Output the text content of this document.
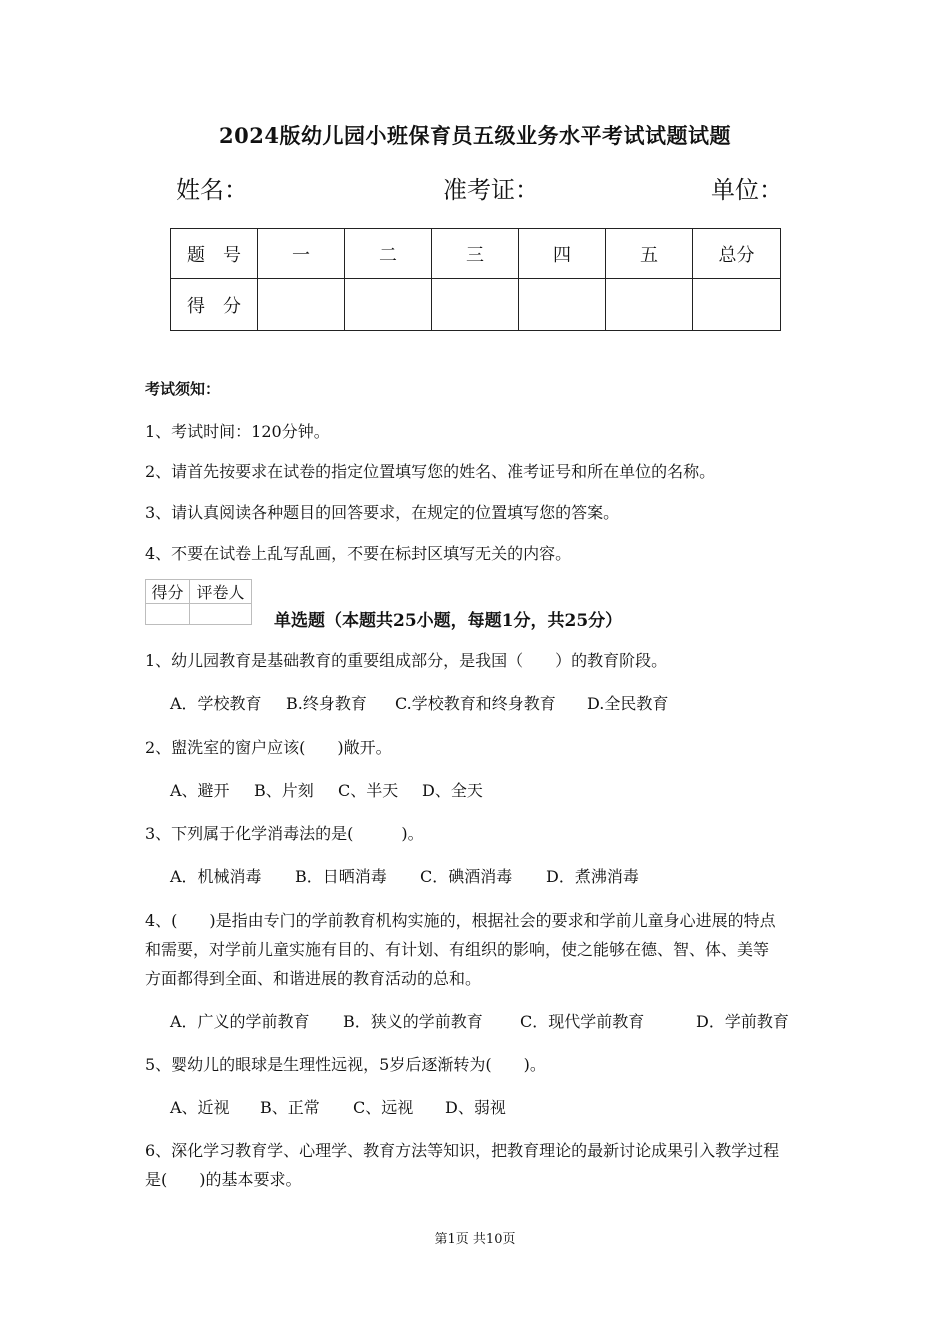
2024版幼儿园小班保育员五级业务水平考试试题试题
姓名：	准考证：	单位：
题　号	一	二	三	四	五	总分
得　分						
考试须知：
1、考试时间：120分钟。
2、请首先按要求在试卷的指定位置填写您的姓名、准考证号和所在单位的名称。
3、请认真阅读各种题目的回答要求，在规定的位置填写您的答案。
4、不要在试卷上乱写乱画，不要在标封区填写无关的内容。
得分	评卷人

单选题（本题共25小题，每题1分，共25分）
1、幼儿园教育是基础教育的重要组成部分，是我国（　　）的教育阶段。
A．学校教育 B.终身教育 C.学校教育和终身教育 D.全民教育
2、盥洗室的窗户应该(　　)敞开。
A、避开 B、片刻 C、半天 D、全天
3、下列属于化学消毒法的是(　　　)。
A．机械消毒 B．日晒消毒 C．碘酒消毒 D．煮沸消毒
4、(　　)是指由专门的学前教育机构实施的，根据社会的要求和学前儿童身心进展的特点
和需要，对学前儿童实施有目的、有计划、有组织的影响，使之能够在德、智、体、美等
方面都得到全面、和谐进展的教育活动的总和。
A．广义的学前教育 B．狭义的学前教育 C．现代学前教育	D．学前教育
5、婴幼儿的眼球是生理性远视，5岁后逐渐转为(　　)。
A、近视 B、正常 C、远视 D、弱视
6、深化学习教育学、心理学、教育方法等知识，把教育理论的最新讨论成果引入教学过程
是(　　)的基本要求。
第1页 共10页
